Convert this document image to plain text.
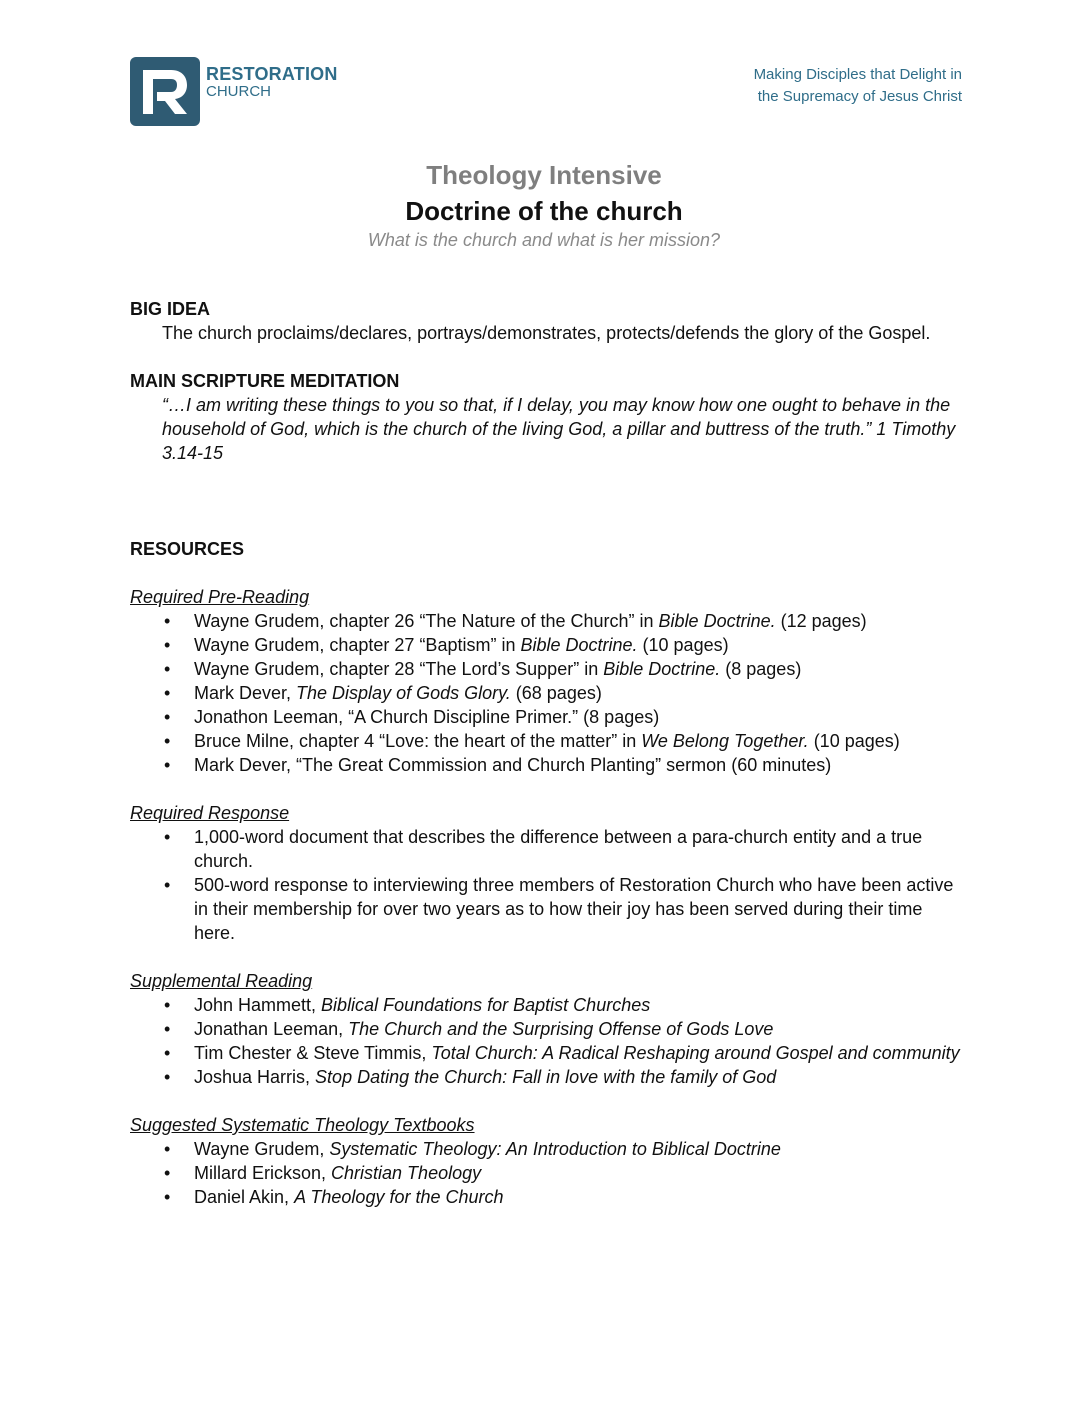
RESTORATION
CHURCH
Making Disciples that Delight in
the Supremacy of Jesus Christ
Theology Intensive
Doctrine of the church
What is the church and what is her mission?
BIG IDEA
The church proclaims/declares, portrays/demonstrates, protects/defends the glory of the Gospel.
MAIN SCRIPTURE MEDITATION
“…I am writing these things to you so that, if I delay, you may know how one ought to behave in the household of God, which is the church of the living God, a pillar and buttress of the truth.” 1 Timothy 3.14-15
RESOURCES
Required Pre-Reading
• Wayne Grudem, chapter 26 “The Nature of the Church” in Bible Doctrine. (12 pages)
• Wayne Grudem, chapter 27 “Baptism” in Bible Doctrine. (10 pages)
• Wayne Grudem, chapter 28 “The Lord’s Supper” in Bible Doctrine. (8 pages)
• Mark Dever, The Display of Gods Glory. (68 pages)
• Jonathon Leeman, “A Church Discipline Primer.” (8 pages)
• Bruce Milne, chapter 4 “Love: the heart of the matter” in We Belong Together. (10 pages)
• Mark Dever, “The Great Commission and Church Planting” sermon (60 minutes)
Required Response
• 1,000-word document that describes the difference between a para-church entity and a true church.
• 500-word response to interviewing three members of Restoration Church who have been active in their membership for over two years as to how their joy has been served during their time here.
Supplemental Reading
• John Hammett, Biblical Foundations for Baptist Churches
• Jonathan Leeman, The Church and the Surprising Offense of Gods Love
• Tim Chester & Steve Timmis, Total Church: A Radical Reshaping around Gospel and community
• Joshua Harris, Stop Dating the Church: Fall in love with the family of God
Suggested Systematic Theology Textbooks
• Wayne Grudem, Systematic Theology: An Introduction to Biblical Doctrine
• Millard Erickson, Christian Theology
• Daniel Akin, A Theology for the Church
